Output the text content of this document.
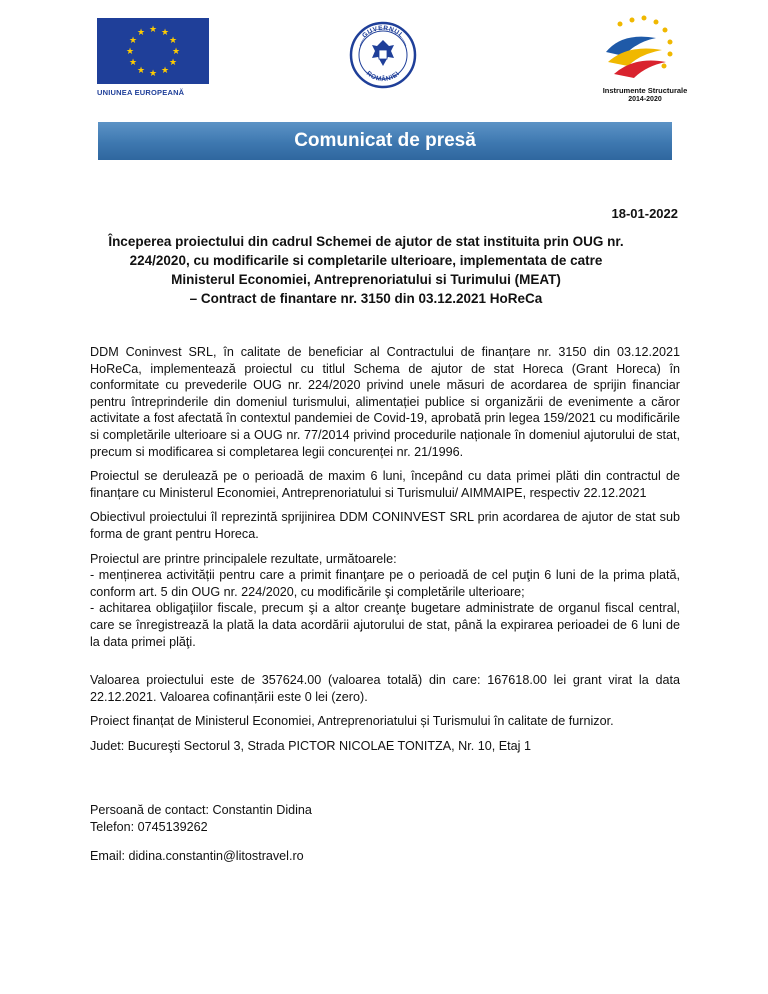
★ ★
★
★
★
★
★
★
★
★
★
★
UNIUNEA EUROPEANĂ	Instrumente Structurale
2014-2020
Comunicat de presă
18-01-2022
Începerea proiectului din cadrul Schemei de ajutor de stat instituita prin OUG nr.
224/2020, cu modificarile si completarile ulterioare, implementata de catre
Ministerul Economiei, Antreprenoriatului si Turimului (MEAT)
– Contract de finantare nr. 3150 din 03.12.2021 HoReCa

DDM Coninvest SRL, în calitate de beneficiar al Contractului de finanțare nr. 3150 din 03.12.2021 HoReCa, implementează proiectul cu titlul Schema de ajutor de stat Horeca (Grant Horeca) în conformitate cu prevederile OUG nr. 224/2020 privind unele măsuri de acordarea de sprijin financiar pentru întreprinderile din domeniul turismului, alimentației publice si organizării de evenimente a căror activitate a fost afectată în contextul pandemiei de Covid-19, aprobată prin legea 159/2021 cu modificările si completările ulterioare si a OUG nr. 77/2014 privind procedurile naționale în domeniul ajutorului de stat, precum si modificarea si completarea legii concurenței nr. 21/1996.

Proiectul se derulează pe o perioadă de maxim 6 luni, începând cu data primei plăti din contractul de finanțare cu Ministerul Economiei, Antreprenoriatului si Turismului/ AIMMAIPE, respectiv 22.12.2021

Obiectivul proiectului îl reprezintă sprijinirea DDM CONINVEST SRL prin acordarea de ajutor de stat sub forma de grant pentru Horeca.

Proiectul are printre principalele rezultate, următoarele:
- menținerea activității pentru care a primit finanţare pe o perioadă de cel puţin 6 luni de la prima plată, conform art. 5 din OUG nr. 224/2020, cu modificările şi completările ulterioare;
- achitarea obligaţiilor fiscale, precum şi a altor creanţe bugetare administrate de organul fiscal central, care se înregistrează la plată la data acordării ajutorului de stat, până la expirarea perioadei de 6 luni de la data primei plăţi.

Valoarea proiectului este de 357624.00 (valoarea totală) din care: 167618.00 lei grant virat la data 22.12.2021. Valoarea cofinanțării este 0 lei (zero).

Proiect finanțat de Ministerul Economiei, Antreprenoriatului și Turismului în calitate de furnizor.

Judet: Bucureşti Sectorul 3, Strada PICTOR NICOLAE TONITZA, Nr. 10, Etaj 1

Persoană de contact: Constantin Didina

Telefon: 0745139262

Email: didina.constantin@litostravel.ro

GUVERNUL
ROMÂNIEI
